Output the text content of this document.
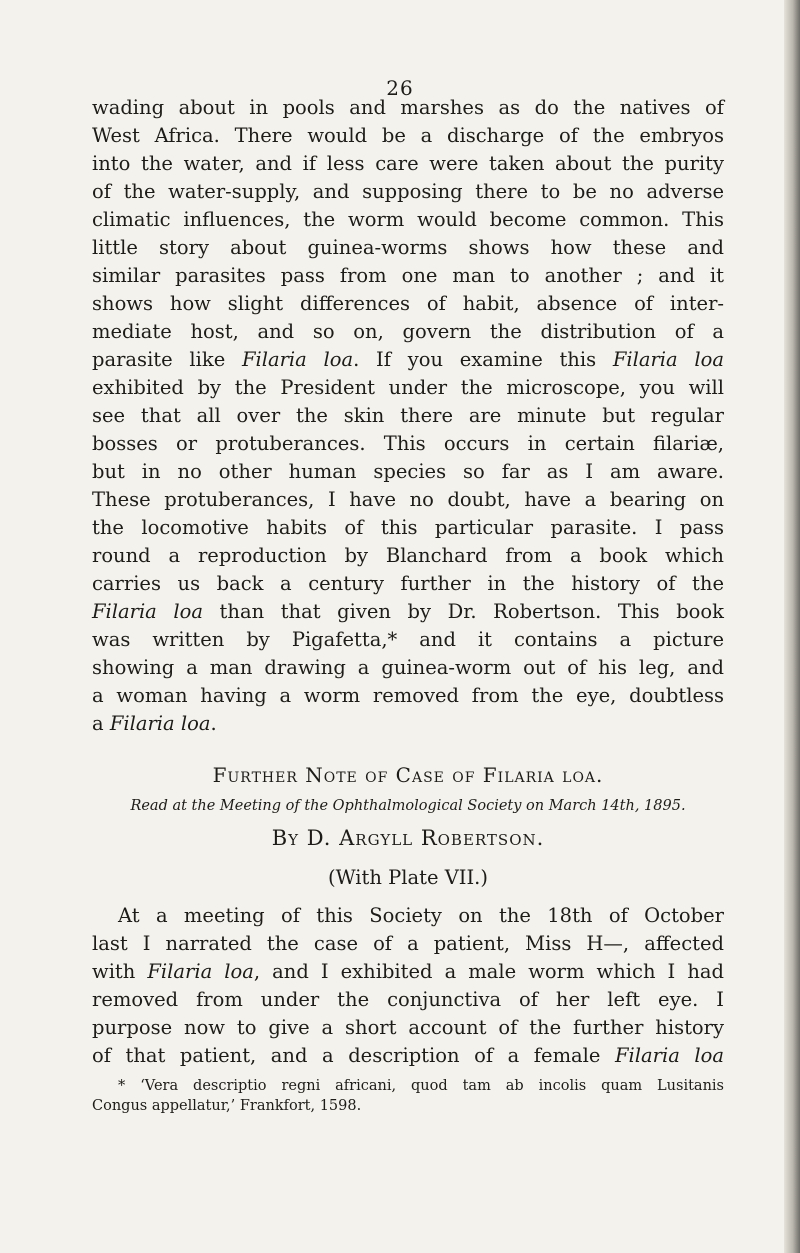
26
wading about in pools and marshes as do the natives of
West Africa. There would be a discharge of the embryos
into the water, and if less care were taken about the purity
of the water-supply, and supposing there to be no adverse
climatic influences, the worm would become common. This
little story about guinea-worms shows how these and
similar parasites pass from one man to another ; and it
shows how slight differences of habit, absence of inter-
mediate host, and so on, govern the distribution of a
parasite like Filaria loa. If you examine this Filaria loa
exhibited by the President under the microscope, you will
see that all over the skin there are minute but regular
bosses or protuberances. This occurs in certain filariæ,
but in no other human species so far as I am aware.
These protuberances, I have no doubt, have a bearing on
the locomotive habits of this particular parasite. I pass
round a reproduction by Blanchard from a book which
carries us back a century further in the history of the
Filaria loa than that given by Dr. Robertson. This book
was written by Pigafetta,* and it contains a picture
showing a man drawing a guinea-worm out of his leg, and
a woman having a worm removed from the eye, doubtless
a Filaria loa.
Further Note of Case of Filaria loa.
Read at the Meeting of the Ophthalmological Society on March 14th, 1895.
By D. Argyll Robertson.
(With Plate VII.)
At a meeting of this Society on the 18th of October
last I narrated the case of a patient, Miss H—, affected
with Filaria loa, and I exhibited a male worm which I had
removed from under the conjunctiva of her left eye. I
purpose now to give a short account of the further history
of that patient, and a description of a female Filaria loa
* ‘Vera descriptio regni africani, quod tam ab incolis quam Lusitanis
Congus appellatur,’ Frankfort, 1598.
